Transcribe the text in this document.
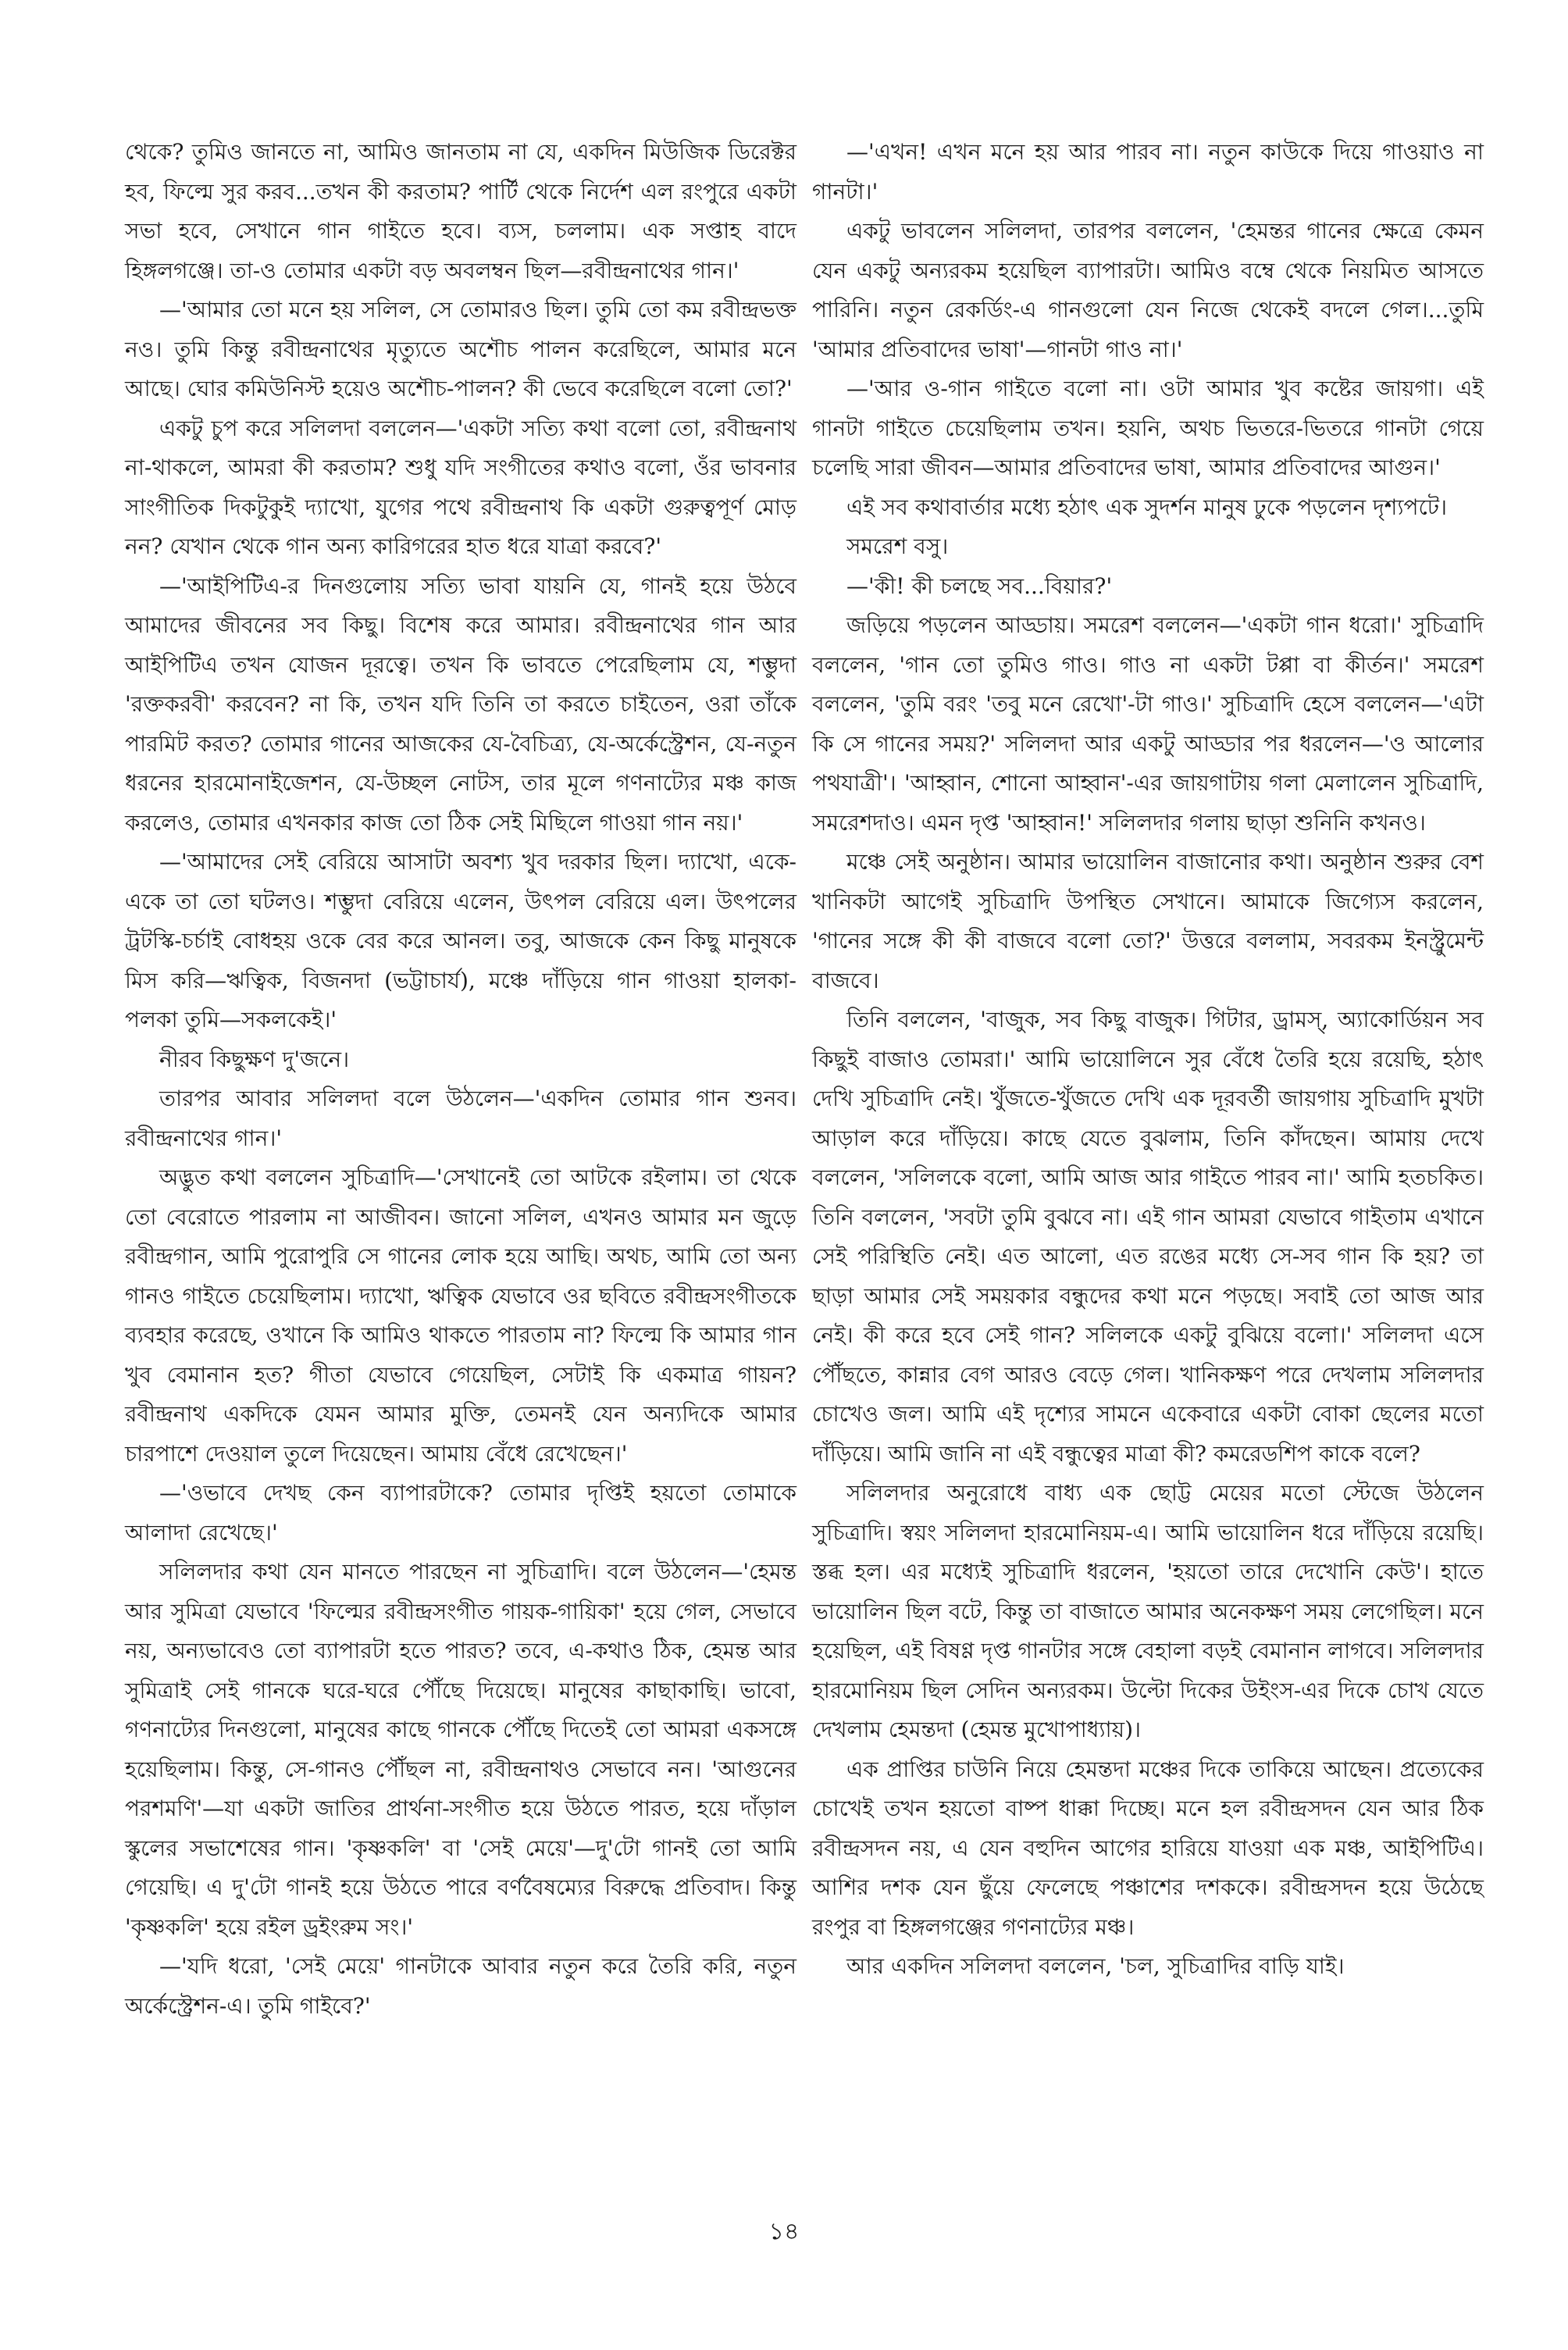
থেকে? তুমিও জানতে না, আমিও জানতাম না যে, একদিন মিউজিক ডিরেক্টর হব, ফিল্মে সুর করব...তখন কী করতাম? পার্টি থেকে নির্দেশ এল রংপুরে একটা সভা হবে, সেখানে গান গাইতে হবে। ব্যস, চললাম। এক সপ্তাহ বাদে হিঙ্গলগঞ্জে। তা-ও তোমার একটা বড় অবলম্বন ছিল—রবীন্দ্রনাথের গান।'

—'আমার তো মনে হয় সলিল, সে তোমারও ছিল। তুমি তো কম রবীন্দ্রভক্ত নও। তুমি কিন্তু রবীন্দ্রনাথের মৃত্যুতে অশৌচ পালন করেছিলে, আমার মনে আছে। ঘোর কমিউনিস্ট হয়েও অশৌচ-পালন? কী ভেবে করেছিলে বলো তো?'

একটু চুপ করে সলিলদা বললেন—'একটা সত্যি কথা বলো তো, রবীন্দ্রনাথ না-থাকলে, আমরা কী করতাম? শুধু যদি সংগীতের কথাও বলো, ওঁর ভাবনার সাংগীতিক দিকটুকুই দ্যাখো, যুগের পথে রবীন্দ্রনাথ কি একটা গুরুত্বপূর্ণ মোড় নন? যেখান থেকে গান অন্য কারিগরের হাত ধরে যাত্রা করবে?'

—'আইপিটিএ-র দিনগুলোয় সত্যি ভাবা যায়নি যে, গানই হয়ে উঠবে আমাদের জীবনের সব কিছু। বিশেষ করে আমার। রবীন্দ্রনাথের গান আর আইপিটিএ তখন যোজন দূরত্বে। তখন কি ভাবতে পেরেছিলাম যে, শম্ভুদা 'রক্তকরবী' করবেন? না কি, তখন যদি তিনি তা করতে চাইতেন, ওরা তাঁকে পারমিট করত? তোমার গানের আজকের যে-বৈচিত্র্য, যে-অর্কেস্ট্রেশন, যে-নতুন ধরনের হারমোনাইজেশন, যে-উচ্ছল নোটস, তার মূলে গণনাট্যের মঞ্চ কাজ করলেও, তোমার এখনকার কাজ তো ঠিক সেই মিছিলে গাওয়া গান নয়।'

—'আমাদের সেই বেরিয়ে আসাটা অবশ্য খুব দরকার ছিল। দ্যাখো, একে-একে তা তো ঘটলও। শম্ভুদা বেরিয়ে এলেন, উৎপল বেরিয়ে এল। উৎপলের ট্রটস্কি-চর্চাই বোধহয় ওকে বের করে আনল। তবু, আজকে কেন কিছু মানুষকে মিস করি—ঋত্বিক, বিজনদা (ভট্টাচার্য), মঞ্চে দাঁড়িয়ে গান গাওয়া হালকা-পলকা তুমি—সকলকেই।'

নীরব কিছুক্ষণ দু'জনে।

তারপর আবার সলিলদা বলে উঠলেন—'একদিন তোমার গান শুনব। রবীন্দ্রনাথের গান।'

অদ্ভুত কথা বললেন সুচিত্রাদি—'সেখানেই তো আটকে রইলাম। তা থেকে তো বেরোতে পারলাম না আজীবন। জানো সলিল, এখনও আমার মন জুড়ে রবীন্দ্রগান, আমি পুরোপুরি সে গানের লোক হয়ে আছি। অথচ, আমি তো অন্য গানও গাইতে চেয়েছিলাম। দ্যাখো, ঋত্বিক যেভাবে ওর ছবিতে রবীন্দ্রসংগীতকে ব্যবহার করেছে, ওখানে কি আমিও থাকতে পারতাম না? ফিল্মে কি আমার গান খুব বেমানান হত? গীতা যেভাবে গেয়েছিল, সেটাই কি একমাত্র গায়ন? রবীন্দ্রনাথ একদিকে যেমন আমার মুক্তি, তেমনই যেন অন্যদিকে আমার চারপাশে দেওয়াল তুলে দিয়েছেন। আমায় বেঁধে রেখেছেন।'

—'ওভাবে দেখছ কেন ব্যাপারটাকে? তোমার দৃপ্তিই হয়তো তোমাকে আলাদা রেখেছে।'

সলিলদার কথা যেন মানতে পারছেন না সুচিত্রাদি। বলে উঠলেন—'হেমন্ত আর সুমিত্রা যেভাবে 'ফিল্মের রবীন্দ্রসংগীত গায়ক-গায়িকা' হয়ে গেল, সেভাবে নয়, অন্যভাবেও তো ব্যাপারটা হতে পারত? তবে, এ-কথাও ঠিক, হেমন্ত আর সুমিত্রাই সেই গানকে ঘরে-ঘরে পৌঁছে দিয়েছে। মানুষের কাছাকাছি। ভাবো, গণনাট্যের দিনগুলো, মানুষের কাছে গানকে পৌঁছে দিতেই তো আমরা একসঙ্গে হয়েছিলাম। কিন্তু, সে-গানও পৌঁছল না, রবীন্দ্রনাথও সেভাবে নন। 'আগুনের পরশমণি'—যা একটা জাতির প্রার্থনা-সংগীত হয়ে উঠতে পারত, হয়ে দাঁড়াল স্কুলের সভাশেষের গান। 'কৃষ্ণকলি' বা 'সেই মেয়ে'—দু'টো গানই তো আমি গেয়েছি। এ দু'টো গানই হয়ে উঠতে পারে বর্ণবৈষম্যের বিরুদ্ধে প্রতিবাদ। কিন্তু 'কৃষ্ণকলি' হয়ে রইল ড্রইংরুম সং।'

—'যদি ধরো, 'সেই মেয়ে' গানটাকে আবার নতুন করে তৈরি করি, নতুন অর্কেস্ট্রেশন-এ। তুমি গাইবে?'

—'এখন! এখন মনে হয় আর পারব না। নতুন কাউকে দিয়ে গাওয়াও না গানটা।'

একটু ভাবলেন সলিলদা, তারপর বললেন, 'হেমন্তর গানের ক্ষেত্রে কেমন যেন একটু অন্যরকম হয়েছিল ব্যাপারটা। আমিও বম্বে থেকে নিয়মিত আসতে পারিনি। নতুন রেকর্ডিং-এ গানগুলো যেন নিজে থেকেই বদলে গেল।...তুমি 'আমার প্রতিবাদের ভাষা'—গানটা গাও না।'

—'আর ও-গান গাইতে বলো না। ওটা আমার খুব কষ্টের জায়গা। এই গানটা গাইতে চেয়েছিলাম তখন। হয়নি, অথচ ভিতরে-ভিতরে গানটা গেয়ে চলেছি সারা জীবন—আমার প্রতিবাদের ভাষা, আমার প্রতিবাদের আগুন।'

এই সব কথাবার্তার মধ্যে হঠাৎ এক সুদর্শন মানুষ ঢুকে পড়লেন দৃশ্যপটে।

সমরেশ বসু।

—'কী! কী চলছে সব...বিয়ার?'

জড়িয়ে পড়লেন আড্ডায়। সমরেশ বললেন—'একটা গান ধরো।' সুচিত্রাদি বললেন, 'গান তো তুমিও গাও। গাও না একটা টপ্পা বা কীর্তন।' সমরেশ বললেন, 'তুমি বরং 'তবু মনে রেখো'-টা গাও।' সুচিত্রাদি হেসে বললেন—'এটা কি সে গানের সময়?' সলিলদা আর একটু আড্ডার পর ধরলেন—'ও আলোর পথযাত্রী'। 'আহ্বান, শোনো আহ্বান'-এর জায়গাটায় গলা মেলালেন সুচিত্রাদি, সমরেশদাও। এমন দৃপ্ত 'আহ্বান!' সলিলদার গলায় ছাড়া শুনিনি কখনও।

মঞ্চে সেই অনুষ্ঠান। আমার ভায়োলিন বাজানোর কথা। অনুষ্ঠান শুরুর বেশ খানিকটা আগেই সুচিত্রাদি উপস্থিত সেখানে। আমাকে জিগ্যেস করলেন, 'গানের সঙ্গে কী কী বাজবে বলো তো?' উত্তরে বললাম, সবরকম ইনস্ট্রুমেন্ট বাজবে।

তিনি বললেন, 'বাজুক, সব কিছু বাজুক। গিটার, ড্রামস্‌, অ্যাকোর্ডিয়ন সব কিছুই বাজাও তোমরা।' আমি ভায়োলিনে সুর বেঁধে তৈরি হয়ে রয়েছি, হঠাৎ দেখি সুচিত্রাদি নেই। খুঁজতে-খুঁজতে দেখি এক দূরবর্তী জায়গায় সুচিত্রাদি মুখটা আড়াল করে দাঁড়িয়ে। কাছে যেতে বুঝলাম, তিনি কাঁদছেন। আমায় দেখে বললেন, 'সলিলকে বলো, আমি আজ আর গাইতে পারব না।' আমি হতচকিত। তিনি বললেন, 'সবটা তুমি বুঝবে না। এই গান আমরা যেভাবে গাইতাম এখানে সেই পরিস্থিতি নেই। এত আলো, এত রঙের মধ্যে সে-সব গান কি হয়? তা ছাড়া আমার সেই সময়কার বন্ধুদের কথা মনে পড়ছে। সবাই তো আজ আর নেই। কী করে হবে সেই গান? সলিলকে একটু বুঝিয়ে বলো।' সলিলদা এসে পৌঁছতে, কান্নার বেগ আরও বেড়ে গেল। খানিকক্ষণ পরে দেখলাম সলিলদার চোখেও জল। আমি এই দৃশ্যের সামনে একেবারে একটা বোকা ছেলের মতো দাঁড়িয়ে। আমি জানি না এই বন্ধুত্বের মাত্রা কী? কমরেডশিপ কাকে বলে?

সলিলদার অনুরোধে বাধ্য এক ছোট্ট মেয়ের মতো স্টেজে উঠলেন সুচিত্রাদি। স্বয়ং সলিলদা হারমোনিয়ম-এ। আমি ভায়োলিন ধরে দাঁড়িয়ে রয়েছি। স্তব্ধ হল। এর মধ্যেই সুচিত্রাদি ধরলেন, 'হয়তো তারে দেখোনি কেউ'। হাতে ভায়োলিন ছিল বটে, কিন্তু তা বাজাতে আমার অনেকক্ষণ সময় লেগেছিল। মনে হয়েছিল, এই বিষণ্ণ দৃপ্ত গানটার সঙ্গে বেহালা বড়ই বেমানান লাগবে। সলিলদার হারমোনিয়ম ছিল সেদিন অন্যরকম। উল্টো দিকের উইংস-এর দিকে চোখ যেতে দেখলাম হেমন্তদা (হেমন্ত মুখোপাধ্যায়)।

এক প্রাপ্তির চাউনি নিয়ে হেমন্তদা মঞ্চের দিকে তাকিয়ে আছেন। প্রত্যেকের চোখেই তখন হয়তো বাষ্প ধাক্কা দিচ্ছে। মনে হল রবীন্দ্রসদন যেন আর ঠিক রবীন্দ্রসদন নয়, এ যেন বহুদিন আগের হারিয়ে যাওয়া এক মঞ্চ, আইপিটিএ। আশির দশক যেন ছুঁয়ে ফেলেছে পঞ্চাশের দশককে। রবীন্দ্রসদন হয়ে উঠেছে রংপুর বা হিঙ্গলগঞ্জের গণনাট্যের মঞ্চ।

আর একদিন সলিলদা বললেন, 'চল, সুচিত্রাদির বাড়ি যাই।

১৪
